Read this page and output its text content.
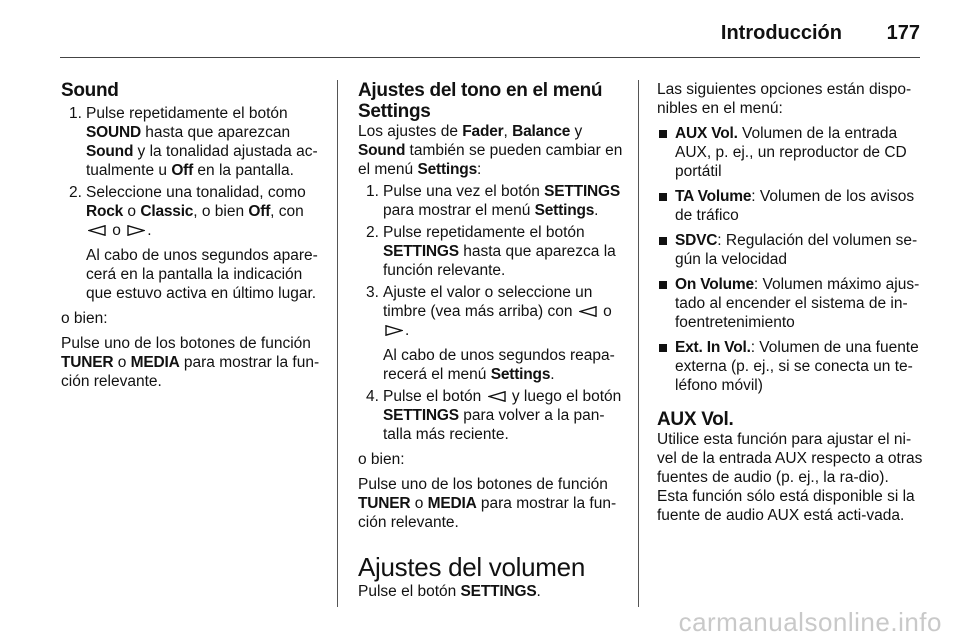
Introducción 177
Sound
1. Pulse repetidamente el botón SOUND hasta que aparezcan Sound y la tonalidad ajustada ac-tualmente u Off en la pantalla.
2. Seleccione una tonalidad, como Rock o Classic, o bien Off, con
o .
Al cabo de unos segundos apare-cerá en la pantalla la indicación que estuvo activa en último lugar.
o bien:
Pulse uno de los botones de función TUNER o MEDIA para mostrar la fun-ción relevante.
Ajustes del tono en el menú Settings
Los ajustes de Fader, Balance y Sound también se pueden cambiar en el menú Settings:
1. Pulse una vez el botón SETTINGS para mostrar el menú Settings.
2. Pulse repetidamente el botón SETTINGS hasta que aparezca la función relevante.
3. Ajuste el valor o seleccione un timbre (vea más arriba) con  o
.
Al cabo de unos segundos reapa-recerá el menú Settings.
4. Pulse el botón  y luego el botón SETTINGS para volver a la pan-talla más reciente.
o bien:
Pulse uno de los botones de función TUNER o MEDIA para mostrar la fun-ción relevante.
Ajustes del volumen
Pulse el botón SETTINGS.
Las siguientes opciones están dispo-nibles en el menú:
AUX Vol. Volumen de la entrada AUX, p. ej., un reproductor de CD portátil
TA Volume: Volumen de los avisos de tráfico
SDVC: Regulación del volumen se-gún la velocidad
On Volume: Volumen máximo ajus-tado al encender el sistema de in-foentretenimiento
Ext. In Vol.: Volumen de una fuente externa (p. ej., si se conecta un te-léfono móvil)
AUX Vol.
Utilice esta función para ajustar el ni-vel de la entrada AUX respecto a otras fuentes de audio (p. ej., la ra-dio). Esta función sólo está disponible si la fuente de audio AUX está acti-vada.
carmanualsonline.info
